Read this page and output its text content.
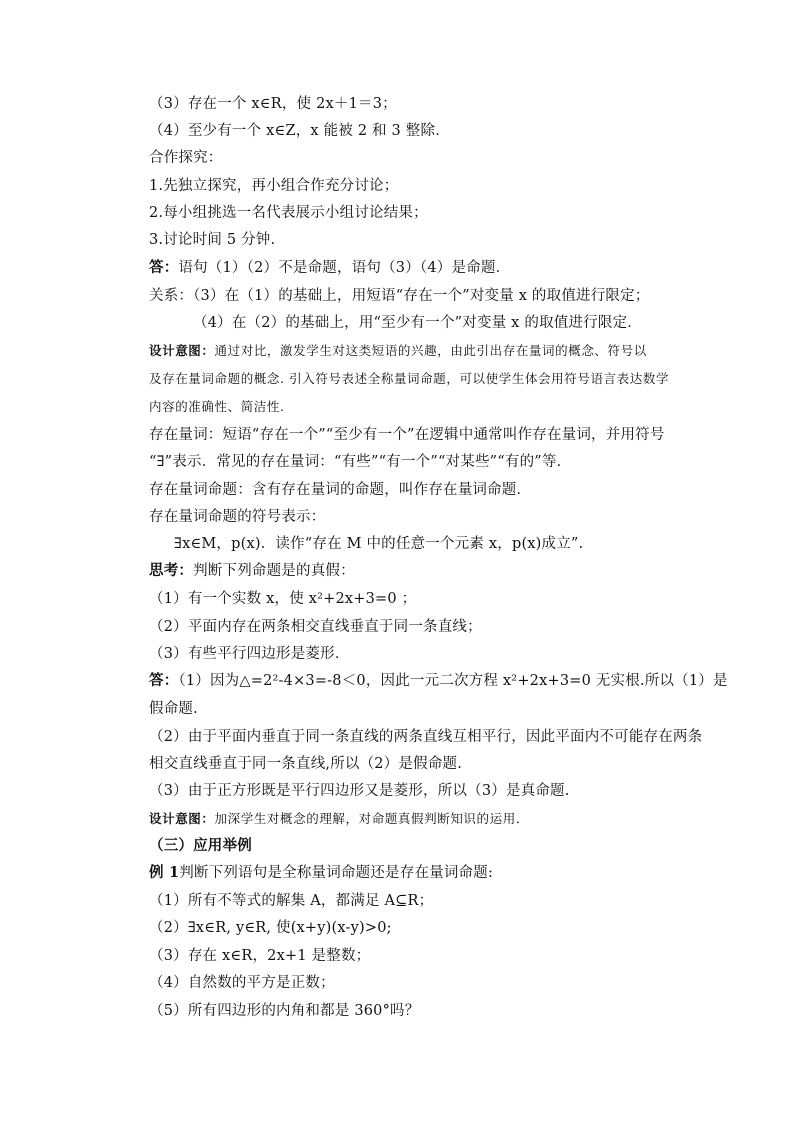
（3）存在一个 x∈R，使 2x＋1＝3；
（4）至少有一个 x∈Z，x 能被 2 和 3 整除．
合作探究：
1.先独立探究，再小组合作充分讨论；
2.每小组挑选一名代表展示小组讨论结果；
3.讨论时间 5 分钟.
答：语句（1）（2）不是命题，语句（3）（4）是命题．
关系：（3）在（1）的基础上，用短语“存在一个”对变量 x 的取值进行限定；
（4）在（2）的基础上，用“至少有一个”对变量 x 的取值进行限定．
设计意图：通过对比，激发学生对这类短语的兴趣，由此引出存在量词的概念、符号以
及存在量词命题的概念. 引入符号表述全称量词命题，可以使学生体会用符号语言表达数学
内容的准确性、简洁性.
存在量词：短语“存在一个”“至少有一个”在逻辑中通常叫作存在量词，并用符号
“∃”表示．常见的存在量词：“有些”“有一个”“对某些”“有的”等．
存在量词命题：含有存在量词的命题，叫作存在量词命题．
存在量词命题的符号表示：
∃x∈M，p(x)．读作“存在 M 中的任意一个元素 x，p(x)成立”.
思考：判断下列命题是的真假：
（1）有一个实数 x，使 x²+2x+3=0 ；
（2）平面内存在两条相交直线垂直于同一条直线；
（3）有些平行四边形是菱形．
答：（1）因为△=2²-4×3=-8＜0，因此一元二次方程 x²+2x+3=0 无实根.所以（1）是
假命题.
（2）由于平面内垂直于同一条直线的两条直线互相平行，因此平面内不可能存在两条
相交直线垂直于同一条直线,所以（2）是假命题.
（3）由于正方形既是平行四边形又是菱形，所以（3）是真命题.
设计意图：加深学生对概念的理解，对命题真假判断知识的运用．
（三）应用举例
例 1判断下列语句是全称量词命题还是存在量词命题:
（1）所有不等式的解集 A，都满足 A⊆R；
（2）∃x∈R, y∈R, 使(x+y)(x-y)>0;
（3）存在 x∈R，2x+1 是整数；
（4）自然数的平方是正数；
（5）所有四边形的内角和都是 360°吗？
